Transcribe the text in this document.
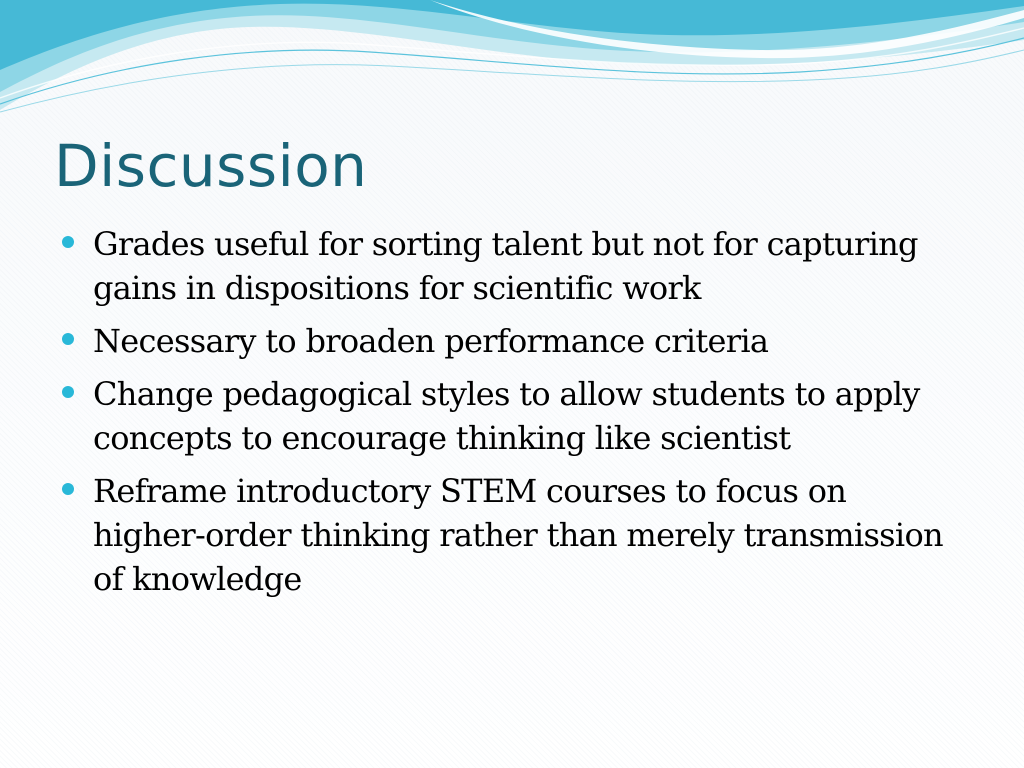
Discussion
Grades useful for sorting talent but not for capturing gains in dispositions for scientific work
Necessary to broaden performance criteria
Change pedagogical styles to allow students to apply concepts to encourage thinking like scientist
Reframe introductory STEM courses to focus on higher-order thinking rather than merely transmission of knowledge
